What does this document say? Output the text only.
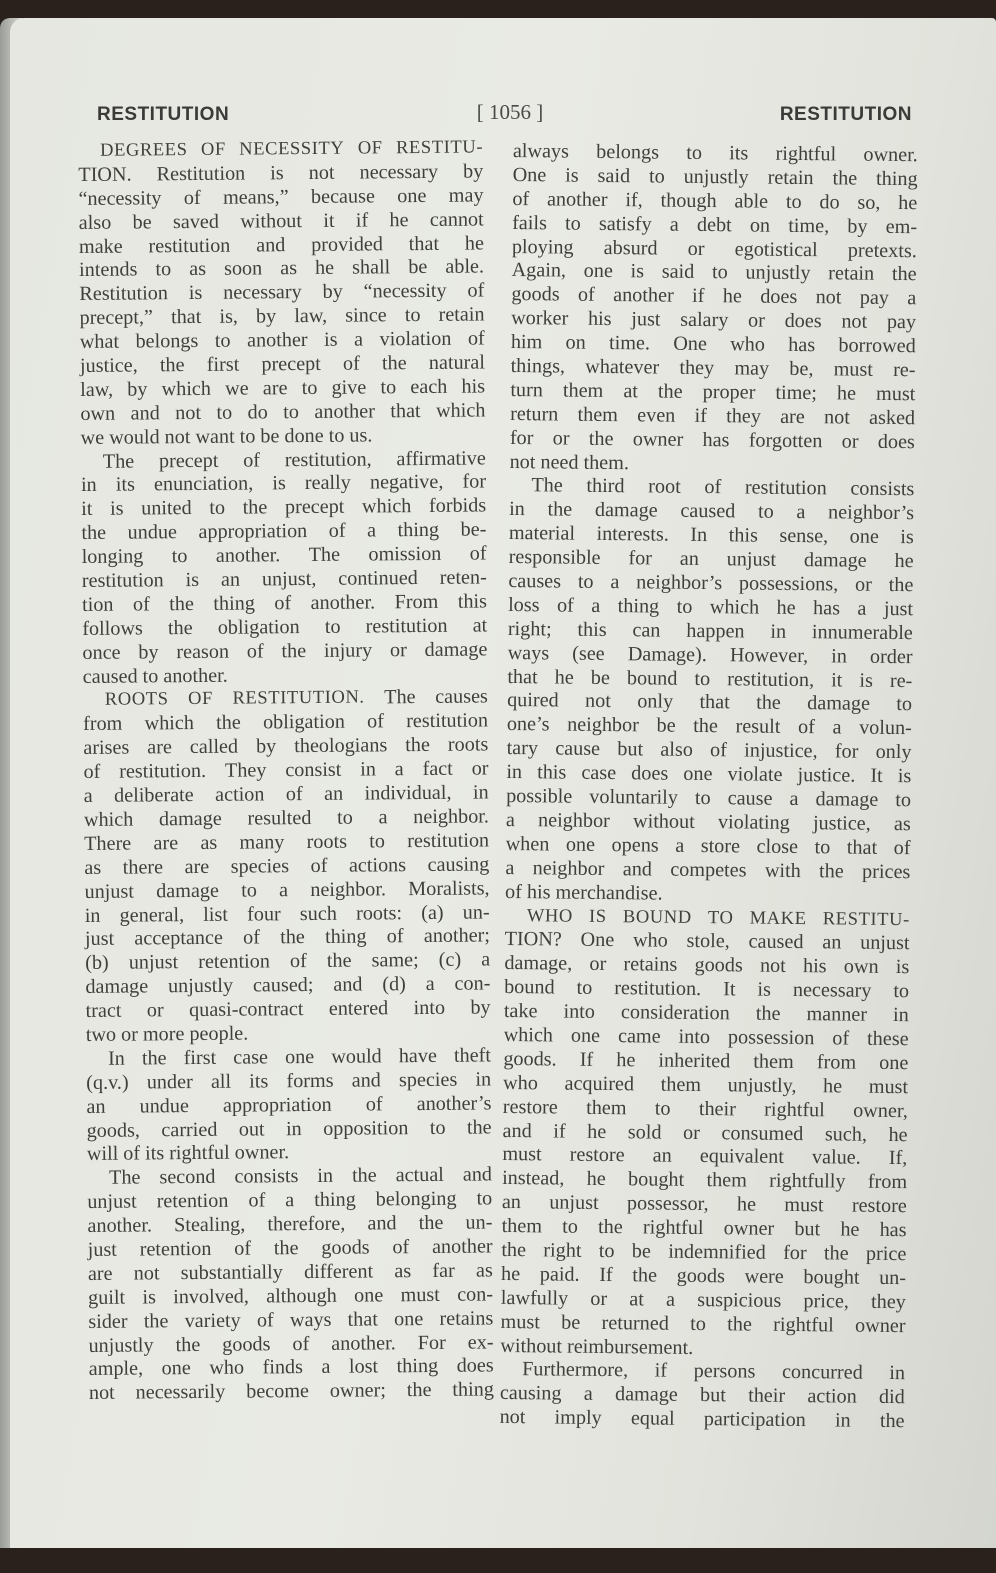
RESTITUTION	[ 1056 ]	RESTITUTION
DEGREES OF NECESSITY OF RESTITU-
TION. Restitution is not necessary by
“necessity of means,” because one may
also be saved without it if he cannot
make restitution and provided that he
intends to as soon as he shall be able.
Restitution is necessary by “necessity of
precept,” that is, by law, since to retain
what belongs to another is a violation of
justice, the first precept of the natural
law, by which we are to give to each his
own and not to do to another that which
we would not want to be done to us.
The precept of restitution, affirmative
in its enunciation, is really negative, for
it is united to the precept which forbids
the undue appropriation of a thing be-
longing to another. The omission of
restitution is an unjust, continued reten-
tion of the thing of another. From this
follows the obligation to restitution at
once by reason of the injury or damage
caused to another.
ROOTS OF RESTITUTION. The causes
from which the obligation of restitution
arises are called by theologians the roots
of restitution. They consist in a fact or
a deliberate action of an individual, in
which damage resulted to a neighbor.
There are as many roots to restitution
as there are species of actions causing
unjust damage to a neighbor. Moralists,
in general, list four such roots: (a) un-
just acceptance of the thing of another;
(b) unjust retention of the same; (c) a
damage unjustly caused; and (d) a con-
tract or quasi-contract entered into by
two or more people.
In the first case one would have theft
(q.v.) under all its forms and species in
an undue appropriation of another’s
goods, carried out in opposition to the
will of its rightful owner.
The second consists in the actual and
unjust retention of a thing belonging to
another. Stealing, therefore, and the un-
just retention of the goods of another
are not substantially different as far as
guilt is involved, although one must con-
sider the variety of ways that one retains
unjustly the goods of another. For ex-
ample, one who finds a lost thing does
not necessarily become owner; the thing
always belongs to its rightful owner.
One is said to unjustly retain the thing
of another if, though able to do so, he
fails to satisfy a debt on time, by em-
ploying absurd or egotistical pretexts.
Again, one is said to unjustly retain the
goods of another if he does not pay a
worker his just salary or does not pay
him on time. One who has borrowed
things, whatever they may be, must re-
turn them at the proper time; he must
return them even if they are not asked
for or the owner has forgotten or does
not need them.
The third root of restitution consists
in the damage caused to a neighbor’s
material interests. In this sense, one is
responsible for an unjust damage he
causes to a neighbor’s possessions, or the
loss of a thing to which he has a just
right; this can happen in innumerable
ways (see Damage). However, in order
that he be bound to restitution, it is re-
quired not only that the damage to
one’s neighbor be the result of a volun-
tary cause but also of injustice, for only
in this case does one violate justice. It is
possible voluntarily to cause a damage to
a neighbor without violating justice, as
when one opens a store close to that of
a neighbor and competes with the prices
of his merchandise.
WHO IS BOUND TO MAKE RESTITU-
TION? One who stole, caused an unjust
damage, or retains goods not his own is
bound to restitution. It is necessary to
take into consideration the manner in
which one came into possession of these
goods. If he inherited them from one
who acquired them unjustly, he must
restore them to their rightful owner,
and if he sold or consumed such, he
must restore an equivalent value. If,
instead, he bought them rightfully from
an unjust possessor, he must restore
them to the rightful owner but he has
the right to be indemnified for the price
he paid. If the goods were bought un-
lawfully or at a suspicious price, they
must be returned to the rightful owner
without reimbursement.
Furthermore, if persons concurred in
causing a damage but their action did
not imply equal participation in the
